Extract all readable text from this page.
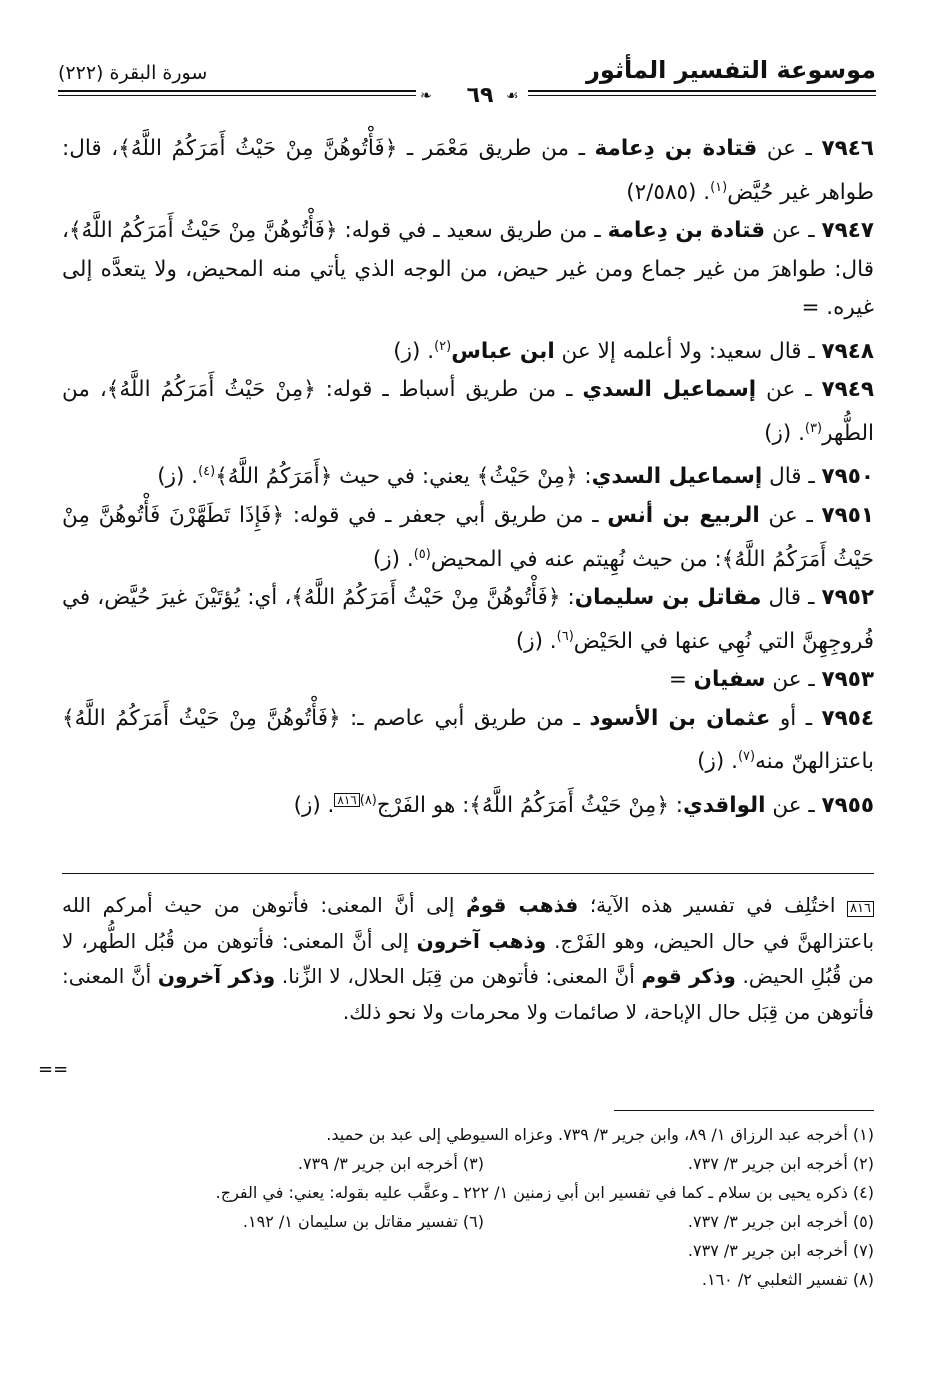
سورة البقرة (٢٢٢)	موسوعة التفسير المأثور
❧	☙
٦٩

٧٩٤٦ ـ عن قتادة بن دِعامة ـ من طريق مَعْمَر ـ ﴿فَأْتُوهُنَّ مِنْ حَيْثُ أَمَرَكُمُ اللَّهُ﴾، قال: طواهر غير حُيَّض$^{(١)}$. (٢/٥٨٥)

٧٩٤٧ ـ عن قتادة بن دِعامة ـ من طريق سعيد ـ في قوله: ﴿فَأْتُوهُنَّ مِنْ حَيْثُ أَمَرَكُمُ اللَّهُ﴾، قال: طواهرَ من غير جماع ومن غير حيض، من الوجه الذي يأتي منه المحيض، ولا يتعدَّه إلى غيره. =

٧٩٤٨ ـ قال سعيد: ولا أعلمه إلا عن ابن عباس$^{(٢)}$. (ز)

٧٩٤٩ ـ عن إسماعيل السدي ـ من طريق أسباط ـ قوله: ﴿مِنْ حَيْثُ أَمَرَكُمُ اللَّهُ﴾، من الطُّهر$^{(٣)}$. (ز)

٧٩٥٠ ـ قال إسماعيل السدي: ﴿مِنْ حَيْثُ﴾ يعني: في حيث ﴿أَمَرَكُمُ اللَّهُ﴾$^{(٤)}$. (ز)

٧٩٥١ ـ عن الربيع بن أنس ـ من طريق أبي جعفر ـ في قوله: ﴿فَإِذَا تَطَهَّرْنَ فَأْتُوهُنَّ مِنْ حَيْثُ أَمَرَكُمُ اللَّهُ﴾: من حيث نُهِيتم عنه في المحيض$^{(٥)}$. (ز)

٧٩٥٢ ـ قال مقاتل بن سليمان: ﴿فَأْتُوهُنَّ مِنْ حَيْثُ أَمَرَكُمُ اللَّهُ﴾، أي: يُؤتَيْنَ غيرَ حُيَّض، في فُروجِهِنَّ التي نُهِي عنها في الحَيْض$^{(٦)}$. (ز)

٧٩٥٣ ـ عن سفيان =

٧٩٥٤ ـ أو عثمان بن الأسود ـ من طريق أبي عاصم ـ: ﴿فَأْتُوهُنَّ مِنْ حَيْثُ أَمَرَكُمُ اللَّهُ﴾ باعتزالهنّ منه$^{(٧)}$. (ز)

٧٩٥٥ ـ عن الواقدي: ﴿مِنْ حَيْثُ أَمَرَكُمُ اللَّهُ﴾: هو الفَرْج$^{(٨)}$٨١٦. (ز)

٨١٦ اختُلِف في تفسير هذه الآية؛ فذهب قومٌ إلى أنَّ المعنى: فأتوهن من حيث أمركم الله باعتزالهنَّ في حال الحيض، وهو الفَرْج. وذهب آخرون إلى أنَّ المعنى: فأتوهن من قُبُل الطُّهر، لا من قُبُلِ الحيض. وذكر قوم أنَّ المعنى: فأتوهن من قِبَل الحلال، لا الزِّنا. وذكر آخرون أنَّ المعنى: فأتوهن من قِبَل حال الإباحة، لا صائمات ولا محرمات ولا نحو ذلك.
==
(١) أخرجه عبد الرزاق ١/ ٨٩، وابن جرير ٣/ ٧٣٩. وعزاه السيوطي إلى عبد بن حميد.
(٢) أخرجه ابن جرير ٣/ ٧٣٧.
(٣) أخرجه ابن جرير ٣/ ٧٣٩.
(٤) ذكره يحيى بن سلام ـ كما في تفسير ابن أبي زمنين ١/ ٢٢٢ ـ وعقَّب عليه بقوله: يعني: في الفرج.
(٥) أخرجه ابن جرير ٣/ ٧٣٧.
(٦) تفسير مقاتل بن سليمان ١/ ١٩٢.
(٧) أخرجه ابن جرير ٣/ ٧٣٧.
(٨) تفسير الثعلبي ٢/ ١٦٠.
